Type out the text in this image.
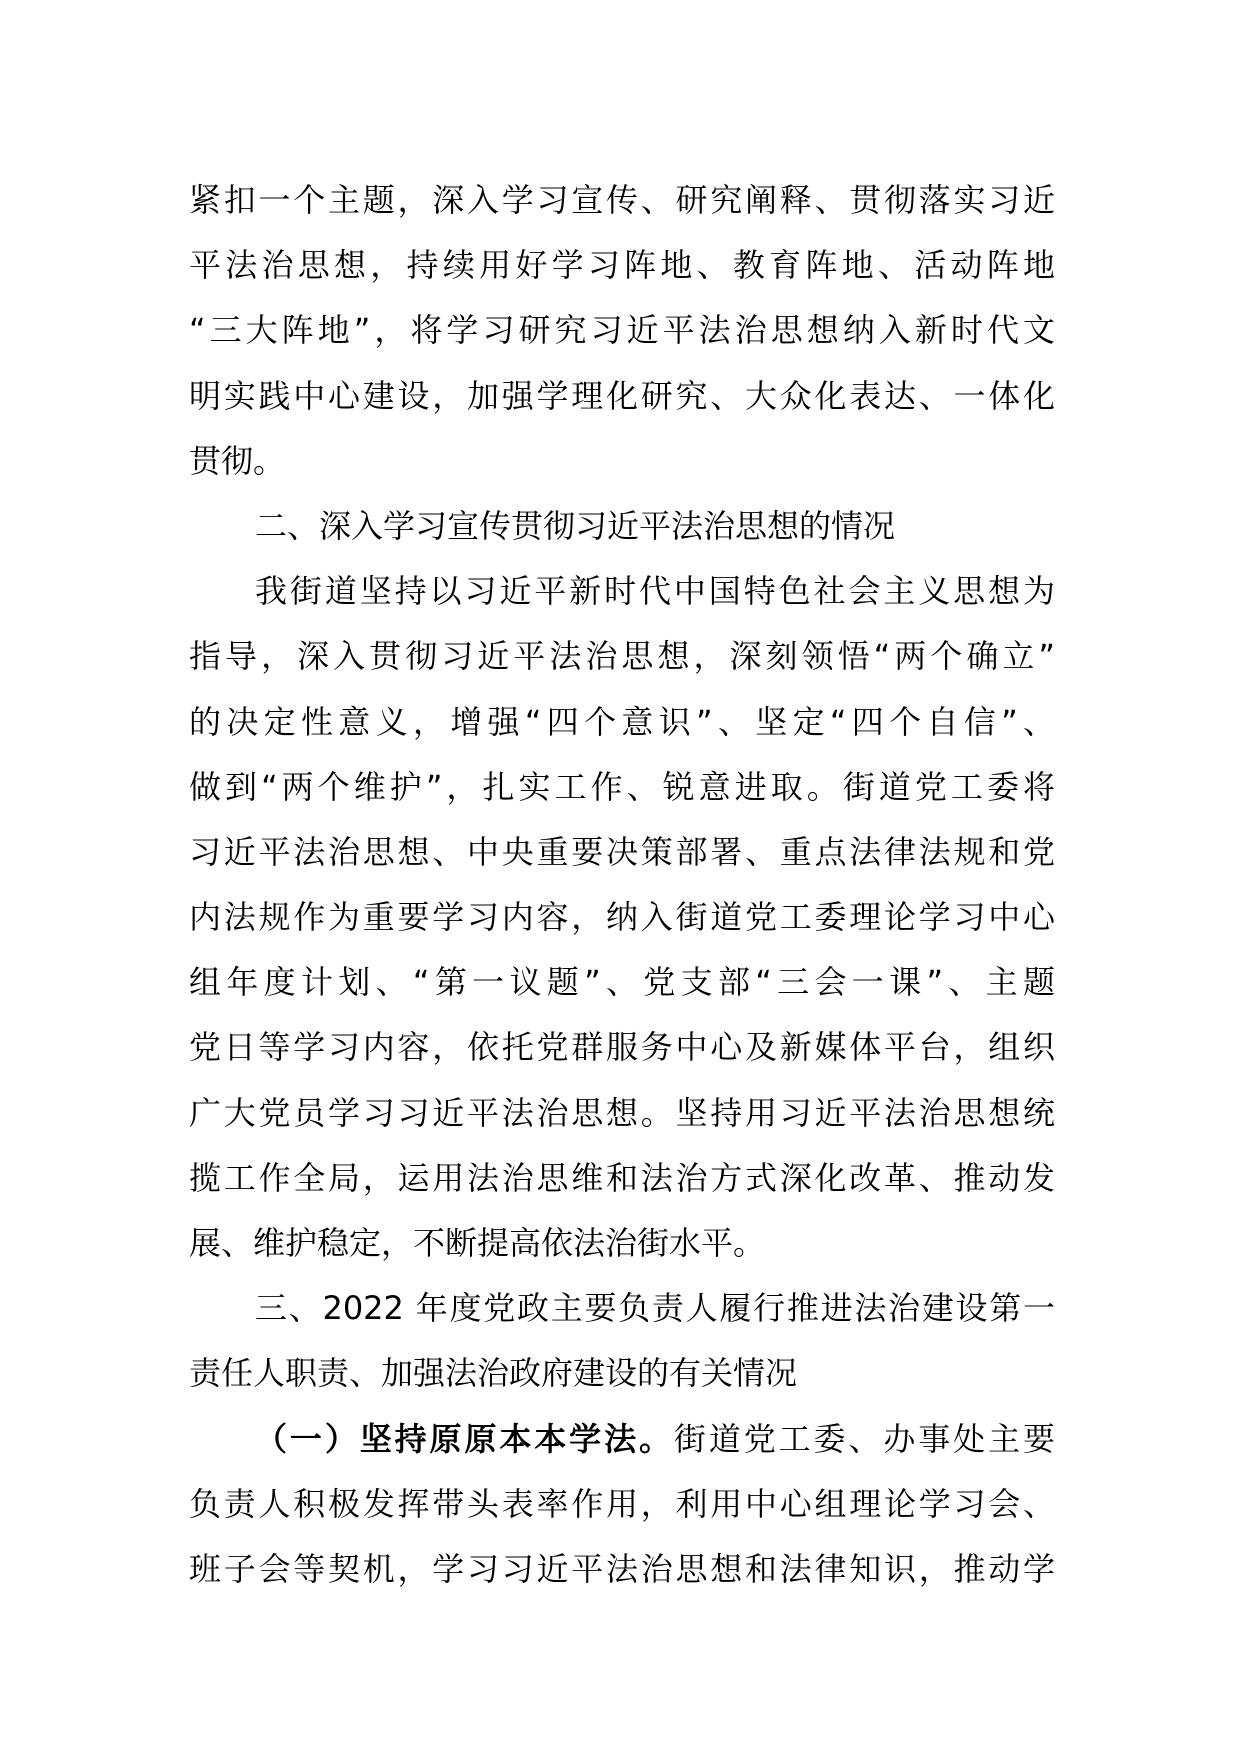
紧扣一个主题，深入学习宣传、研究阐释、贯彻落实习近
平法治思想，持续用好学习阵地、教育阵地、活动阵地
“三大阵地”，将学习研究习近平法治思想纳入新时代文
明实践中心建设，加强学理化研究、大众化表达、一体化
贯彻。
二、深入学习宣传贯彻习近平法治思想的情况
我街道坚持以习近平新时代中国特色社会主义思想为
指导，深入贯彻习近平法治思想，深刻领悟“两个确立”
的决定性意义，增强“四个意识”、坚定“四个自信”、
做到“两个维护”，扎实工作、锐意进取。街道党工委将
习近平法治思想、中央重要决策部署、重点法律法规和党
内法规作为重要学习内容，纳入街道党工委理论学习中心
组年度计划、“第一议题”、党支部“三会一课”、主题
党日等学习内容，依托党群服务中心及新媒体平台，组织
广大党员学习习近平法治思想。坚持用习近平法治思想统
揽工作全局，运用法治思维和法治方式深化改革、推动发
展、维护稳定，不断提高依法治街水平。
三、2022 年度党政主要负责人履行推进法治建设第一
责任人职责、加强法治政府建设的有关情况
（一）坚持原原本本学法。街道党工委、办事处主要
负责人积极发挥带头表率作用，利用中心组理论学习会、
班子会等契机，学习习近平法治思想和法律知识，推动学
